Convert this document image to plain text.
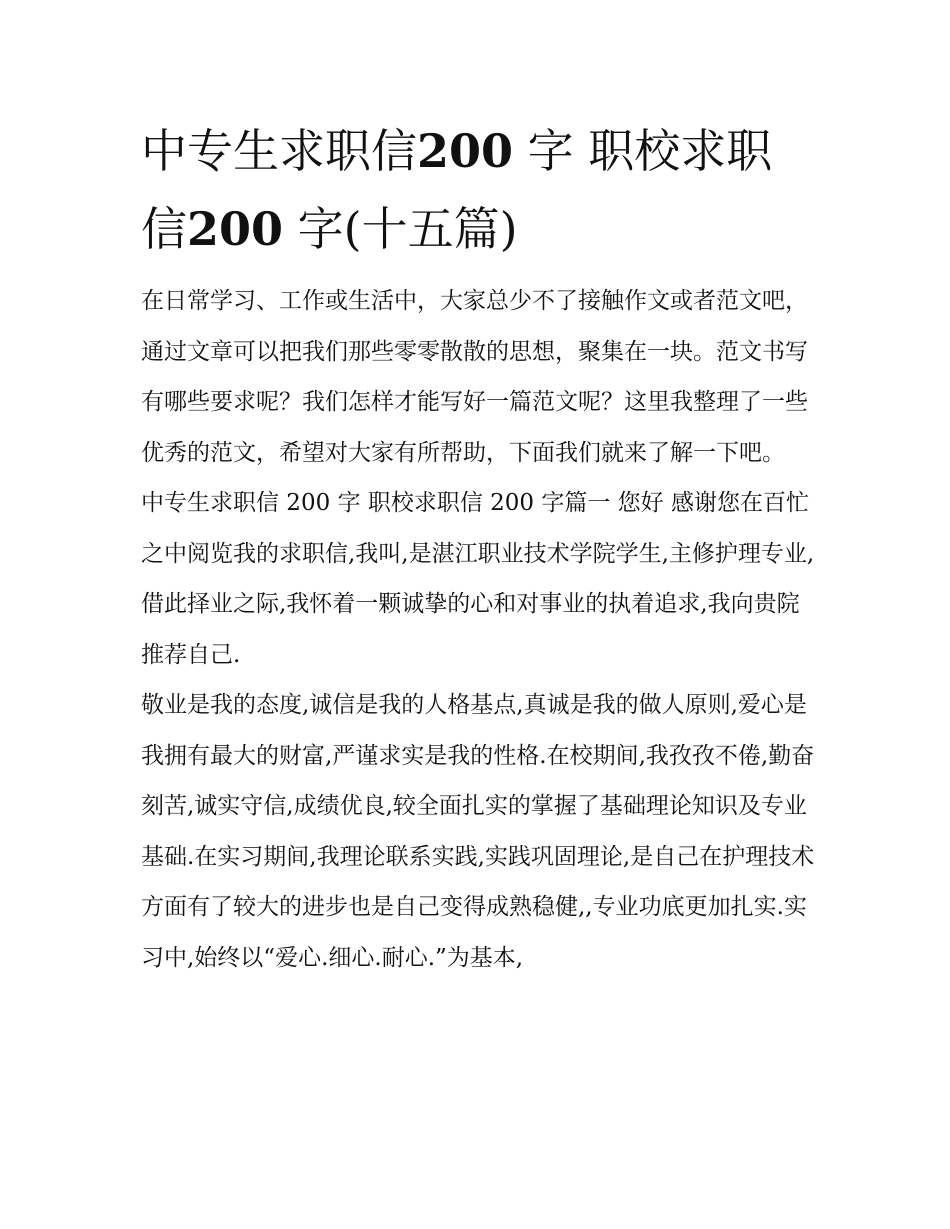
中专生求职信200 字 职校求职
信200 字(十五篇)

在日常学习、工作或生活中，大家总少不了接触作文或者范文吧，通过文章可以把我们那些零零散散的思想，聚集在一块。范文书写有哪些要求呢？我们怎样才能写好一篇范文呢？这里我整理了一些优秀的范文，希望对大家有所帮助，下面我们就来了解一下吧。

中专生求职信 200 字 职校求职信 200 字篇一 您好 感谢您在百忙之中阅览我的求职信,我叫,是湛江职业技术学院学生,主修护理专业,

借此择业之际,我怀着一颗诚挚的心和对事业的执着追求,我向贵院推荐自己.

敬业是我的态度,诚信是我的人格基点,真诚是我的做人原则,爱心是我拥有最大的财富,严谨求实是我的性格.在校期间,我孜孜不倦,勤奋刻苦,诚实守信,成绩优良,较全面扎实的掌握了基础理论知识及专业基础.在实习期间,我理论联系实践,实践巩固理论,是自己在护理技术方面有了较大的进步也是自己变得成熟稳健,,专业功底更加扎实.实习中,始终以“爱心.细心.耐心.”为基本,
